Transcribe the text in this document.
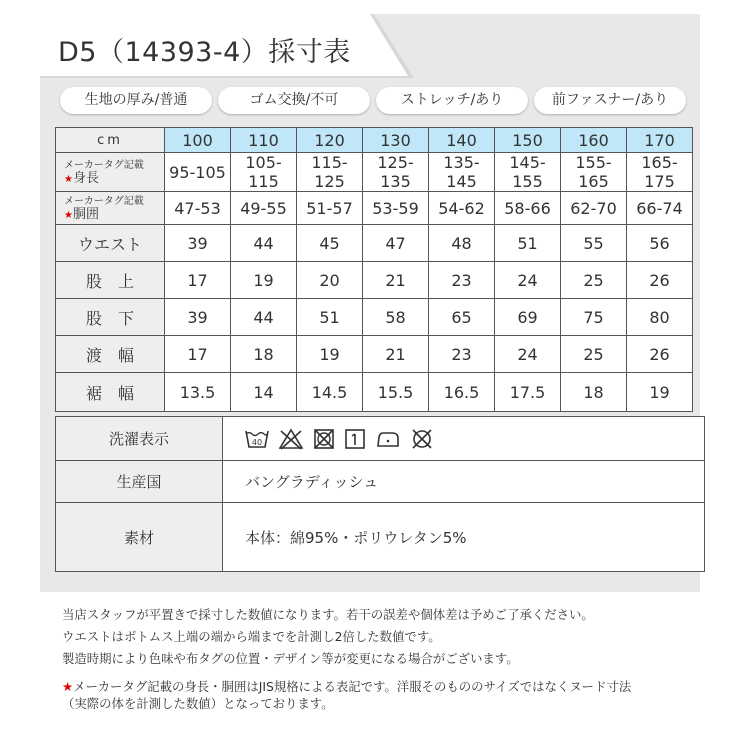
D5（14393-4）採寸表
生地の厚み/普通	ゴム交換/不可	ストレッチ/あり	前ファスナー/あり
cm	100	110	120	130	140	150	160	170
メーカータグ記載
★身長	95-105	105-115	115-125	125-135	135-145	145-155	155-165	165-175
メーカータグ記載
★胴囲	47-53	49-55	51-57	53-59	54-62	58-66	62-70	66-74
ウエスト	39	44	45	47	48	51	55	56
股　上	17	19	20	21	23	24	25	26
股　下	39	44	51	58	65	69	75	80
渡　幅	17	18	19	21	23	24	25	26
裾　幅	13.5	14	14.5	15.5	16.5	17.5	18	19
洗濯表示	40

生産国	バングラディッシュ
素材	本体：綿95%・ポリウレタン5%

当店スタッフが平置きで採寸した数値になります。若干の誤差や個体差は予めご了承ください。

ウエストはボトムス上端の端から端までを計測し2倍した数値です。

製造時期により色味や布タグの位置・デザイン等が変更になる場合がございます。

★メーカータグ記載の身長・胴囲はJIS規格による表記です。洋服そのもののサイズではなくヌード寸法

（実際の体を計測した数値）となっております。
